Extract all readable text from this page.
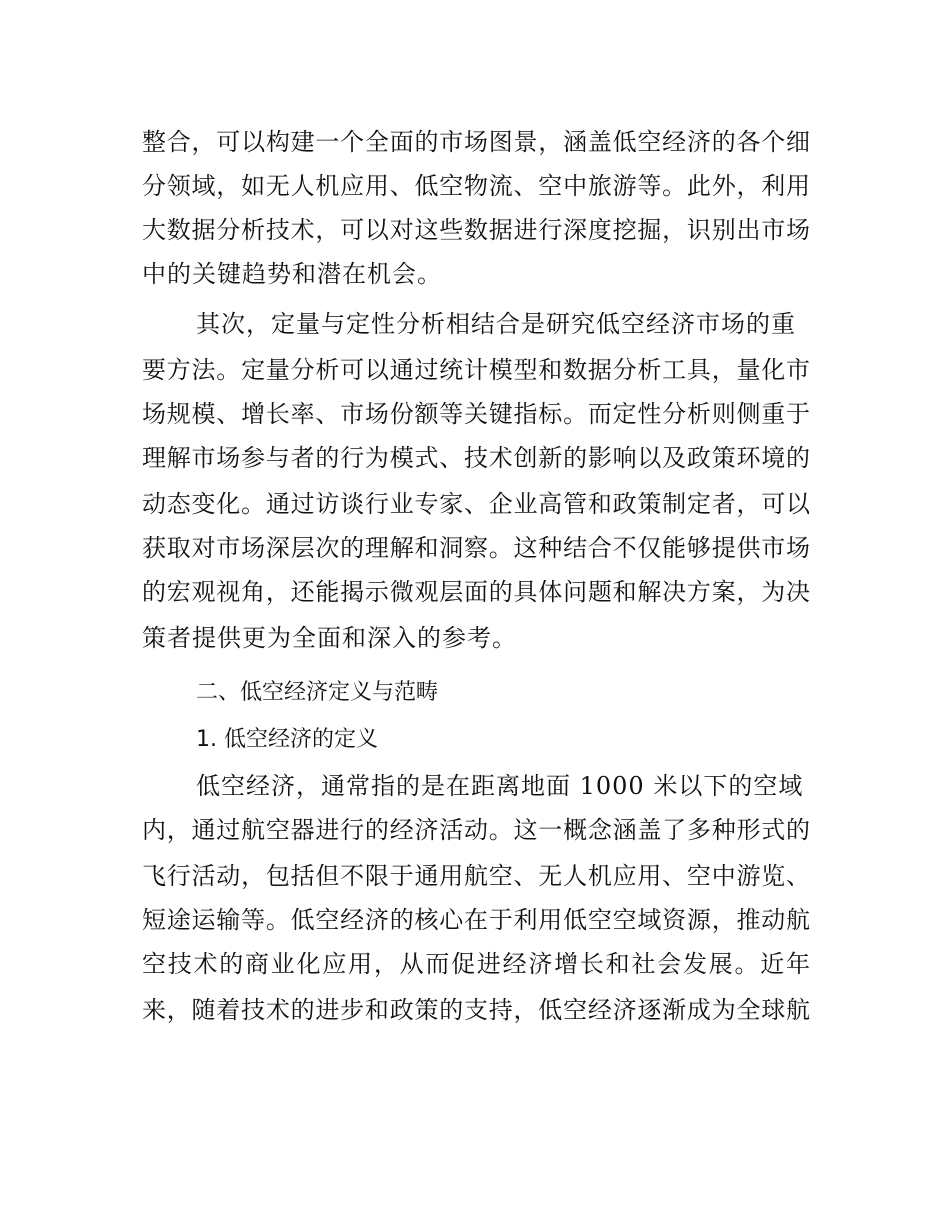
整合，可以构建一个全面的市场图景，涵盖低空经济的各个细
分领域，如无人机应用、低空物流、空中旅游等。此外，利用
大数据分析技术，可以对这些数据进行深度挖掘，识别出市场
中的关键趋势和潜在机会。
其次，定量与定性分析相结合是研究低空经济市场的重
要方法。定量分析可以通过统计模型和数据分析工具，量化市
场规模、增长率、市场份额等关键指标。而定性分析则侧重于
理解市场参与者的行为模式、技术创新的影响以及政策环境的
动态变化。通过访谈行业专家、企业高管和政策制定者，可以
获取对市场深层次的理解和洞察。这种结合不仅能够提供市场
的宏观视角，还能揭示微观层面的具体问题和解决方案，为决
策者提供更为全面和深入的参考。
二、低空经济定义与范畴
1. 低空经济的定义
低空经济，通常指的是在距离地面 1000 米以下的空域
内，通过航空器进行的经济活动。这一概念涵盖了多种形式的
飞行活动，包括但不限于通用航空、无人机应用、空中游览、
短途运输等。低空经济的核心在于利用低空空域资源，推动航
空技术的商业化应用，从而促进经济增长和社会发展。近年
来，随着技术的进步和政策的支持，低空经济逐渐成为全球航
